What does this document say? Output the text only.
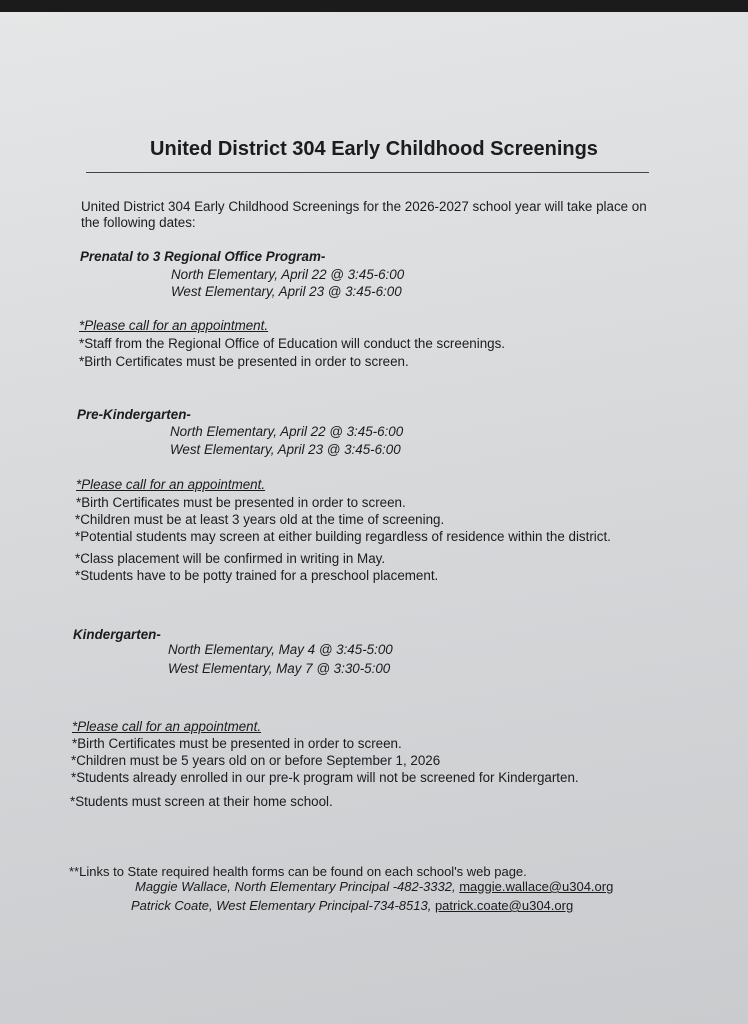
United District 304 Early Childhood Screenings
United District 304 Early Childhood Screenings for the 2026-2027 school year will take place on
the following dates:
Prenatal to 3 Regional Office Program-
North Elementary, April 22 @ 3:45-6:00
West Elementary, April 23 @ 3:45-6:00
*Please call for an appointment.
*Staff from the Regional Office of Education will conduct the screenings.
*Birth Certificates must be presented in order to screen.
Pre-Kindergarten-
North Elementary, April 22 @ 3:45-6:00
West Elementary, April 23 @ 3:45-6:00
*Please call for an appointment.
*Birth Certificates must be presented in order to screen.
*Children must be at least 3 years old at the time of screening.
*Potential students may screen at either building regardless of residence within the district.
*Class placement will be confirmed in writing in May.
*Students have to be potty trained for a preschool placement.
Kindergarten-
North Elementary, May 4 @ 3:45-5:00
West Elementary, May 7 @ 3:30-5:00
*Please call for an appointment.
*Birth Certificates must be presented in order to screen.
*Children must be 5 years old on or before September 1, 2026
*Students already enrolled in our pre-k program will not be screened for Kindergarten.
*Students must screen at their home school.
**Links to State required health forms can be found on each school's web page.
Maggie Wallace, North Elementary Principal -482-3332, maggie.wallace@u304.org
Patrick Coate, West Elementary Principal-734-8513, patrick.coate@u304.org
